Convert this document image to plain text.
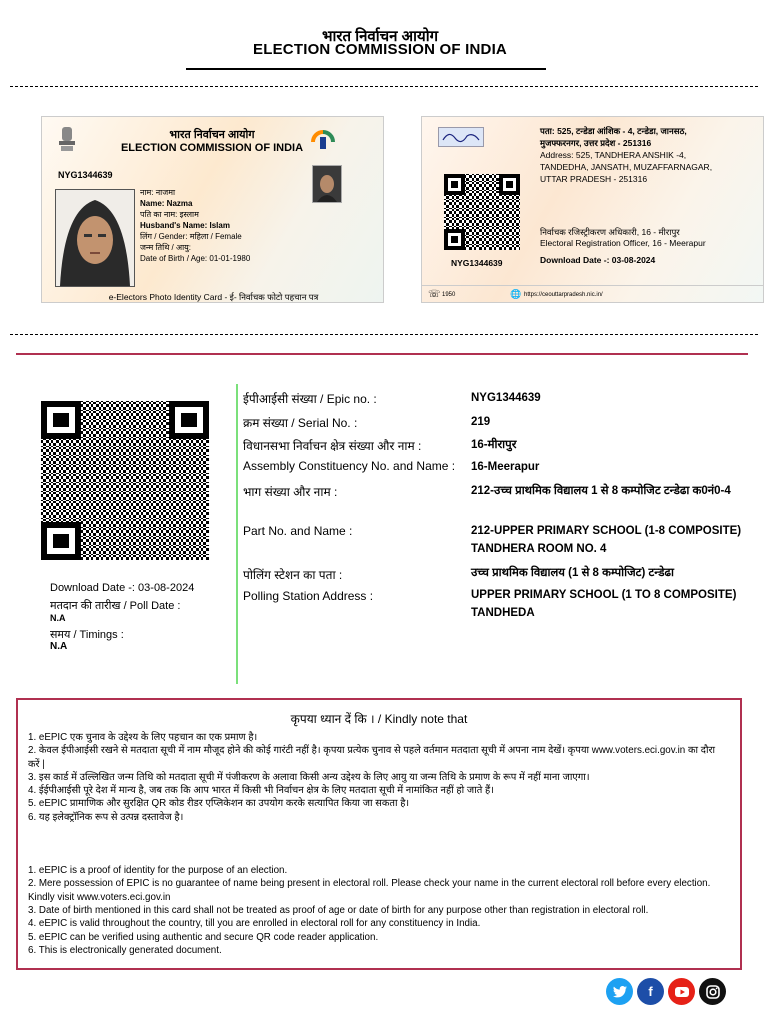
भारत निर्वाचन आयोग
ELECTION COMMISSION OF INDIA
भारत निर्वाचन आयोग
ELECTION COMMISSION OF INDIA
NYG1344639
नाम: नाजमा
Name: Nazma
पति का नाम: इस्लाम
Husband's Name: Islam
लिंग / Gender: महिला / Female
जन्म तिथि / आयु:
Date of Birth / Age: 01-01-1980
e-Electors Photo Identity Card - ई- निर्वाचक फोटो पहचान पत्र
पता: 525, टन्डेडा आंशिक - 4, टन्डेडा, जानसठ,
मुजफ्फरनगर, उत्तर प्रदेश - 251316
Address: 525, TANDHERA ANSHIK -4,
TANDEDHA, JANSATH, MUZAFFARNAGAR,
UTTAR PRADESH - 251316
निर्वाचक रजिस्ट्रीकरण अधिकारी, 16 - मीरापुर
Electoral Registration Officer, 16 - Meerapur
NYG1344639	Download Date -: 03-08-2024
☏ 1950	🌐 https://ceouttarpradesh.nic.in/
Download Date -: 03-08-2024
मतदान की तारीख / Poll Date :
N.A
समय / Timings :
N.A
ईपीआईसी संख्या / Epic no. :	NYG1344639
क्रम संख्या / Serial No. :	219
विधानसभा निर्वाचन क्षेत्र संख्या और नाम :	16-मीरापुर
Assembly Constituency No. and Name : 16-Meerapur
भाग संख्या और नाम :	212-उच्च प्राथमिक विद्यालय 1 से 8 कम्पोजिट टन्डेढा क0नं0-4
Part No. and Name :	212-UPPER PRIMARY SCHOOL (1-8 COMPOSITE) TANDHERA ROOM NO. 4
पोलिंग स्टेशन का पता :	उच्च प्राथमिक विद्यालय (1 से 8 कम्पोजिट) टन्डेढा
Polling Station Address :	UPPER PRIMARY SCHOOL (1 TO 8 COMPOSITE) TANDHEDA
कृपया ध्यान दें कि । / Kindly note that
1. eEPIC एक चुनाव के उद्देश्य के लिए पहचान का एक प्रमाण है।
2. केवल ईपीआईसी रखने से मतदाता सूची में नाम मौजूद होने की कोई गारंटी नहीं है। कृपया प्रत्येक चुनाव से पहले वर्तमान मतदाता सूची में अपना नाम देखें। कृपया www.voters.eci.gov.in का दौरा करें |
3. इस कार्ड में उल्लिखित जन्म तिथि को मतदाता सूची में पंजीकरण के अलावा किसी अन्य उद्देश्य के लिए आयु या जन्म तिथि के प्रमाण के रूप में नहीं माना जाएगा।
4. ईईपीआईसी पूरे देश में मान्य है, जब तक कि आप भारत में किसी भी निर्वाचन क्षेत्र के लिए मतदाता सूची में नामांकित नहीं हो जाते हैं।
5. eEPIC प्रामाणिक और सुरक्षित QR कोड रीडर एप्लिकेशन का उपयोग करके सत्यापित किया जा सकता है।
6. यह इलेक्ट्रॉनिक रूप से उत्पन्न दस्तावेज है।
1. eEPIC is a proof of identity for the purpose of an election.
2. Mere possession of EPIC is no guarantee of name being present in electoral roll. Please check your name in the current electoral roll before every election. Kindly visit www.voters.eci.gov.in
3. Date of birth mentioned in this card shall not be treated as proof of age or date of birth for any purpose other than registration in electoral roll.
4. eEPIC is valid throughout the country, till you are enrolled in electoral roll for any constituency in India.
5. eEPIC can be verified using authentic and secure QR code reader application.
6. This is electronically generated document.
f
